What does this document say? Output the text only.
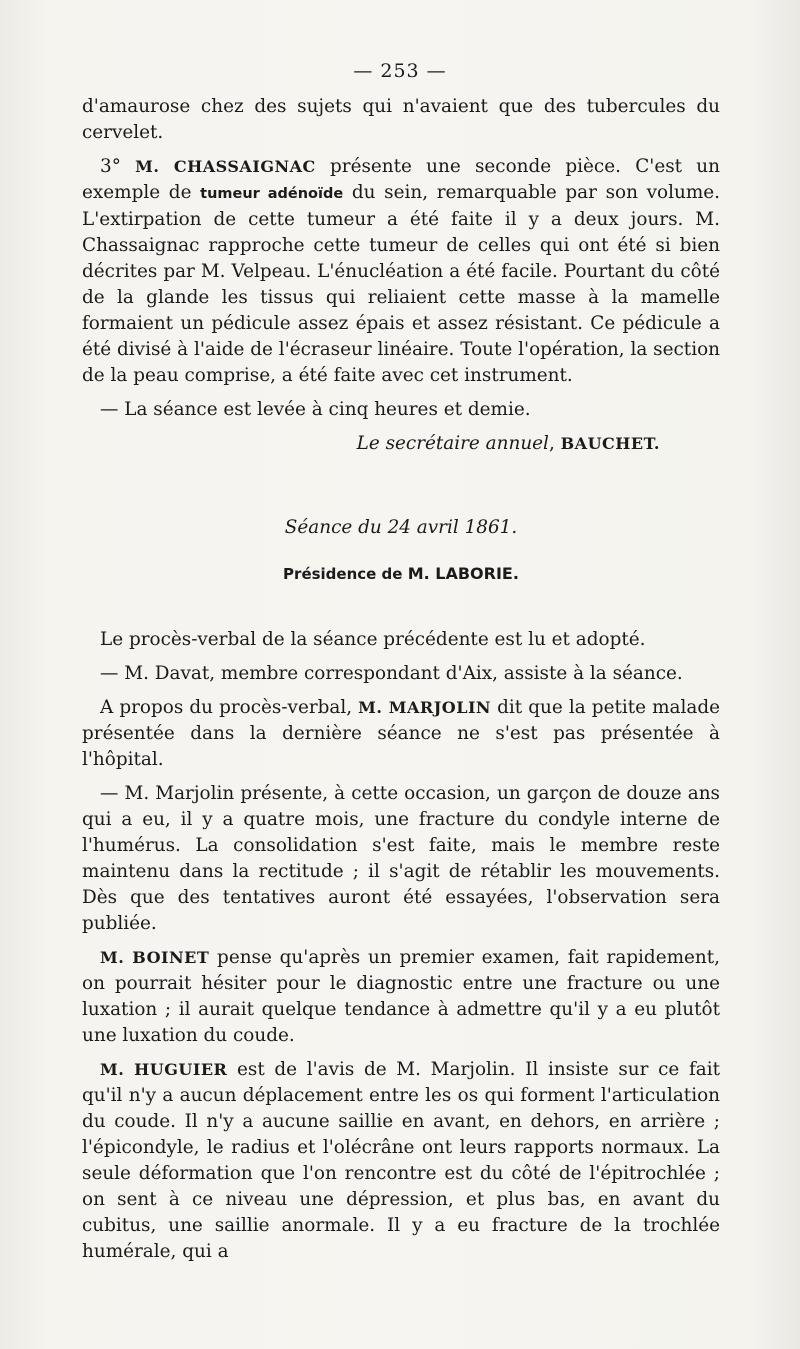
— 253 —

d'amaurose chez des sujets qui n'avaient que des tubercules du cervelet.

3° M. CHASSAIGNAC présente une seconde pièce. C'est un exemple de tumeur adénoïde du sein, remarquable par son volume. L'extirpation de cette tumeur a été faite il y a deux jours. M. Chassaignac rapproche cette tumeur de celles qui ont été si bien décrites par M. Velpeau. L'énucléation a été facile. Pourtant du côté de la glande les tissus qui reliaient cette masse à la mamelle formaient un pédicule assez épais et assez résistant. Ce pédicule a été divisé à l'aide de l'écraseur linéaire. Toute l'opération, la section de la peau comprise, a été faite avec cet instrument.

— La séance est levée à cinq heures et demie.

Le secrétaire annuel, BAUCHET.

Séance du 24 avril 1861.

Présidence de M. LABORIE.

Le procès-verbal de la séance précédente est lu et adopté.

— M. Davat, membre correspondant d'Aix, assiste à la séance.

A propos du procès-verbal, M. MARJOLIN dit que la petite malade présentée dans la dernière séance ne s'est pas présentée à l'hôpital.

— M. Marjolin présente, à cette occasion, un garçon de douze ans qui a eu, il y a quatre mois, une fracture du condyle interne de l'humérus. La consolidation s'est faite, mais le membre reste maintenu dans la rectitude ; il s'agit de rétablir les mouvements. Dès que des tentatives auront été essayées, l'observation sera publiée.

M. BOINET pense qu'après un premier examen, fait rapidement, on pourrait hésiter pour le diagnostic entre une fracture ou une luxation ; il aurait quelque tendance à admettre qu'il y a eu plutôt une luxation du coude.

M. HUGUIER est de l'avis de M. Marjolin. Il insiste sur ce fait qu'il n'y a aucun déplacement entre les os qui forment l'articulation du coude. Il n'y a aucune saillie en avant, en dehors, en arrière ; l'épicondyle, le radius et l'olécrâne ont leurs rapports normaux. La seule déformation que l'on rencontre est du côté de l'épitrochlée ; on sent à ce niveau une dépression, et plus bas, en avant du cubitus, une saillie anormale. Il y a eu fracture de la trochlée humérale, qui a
